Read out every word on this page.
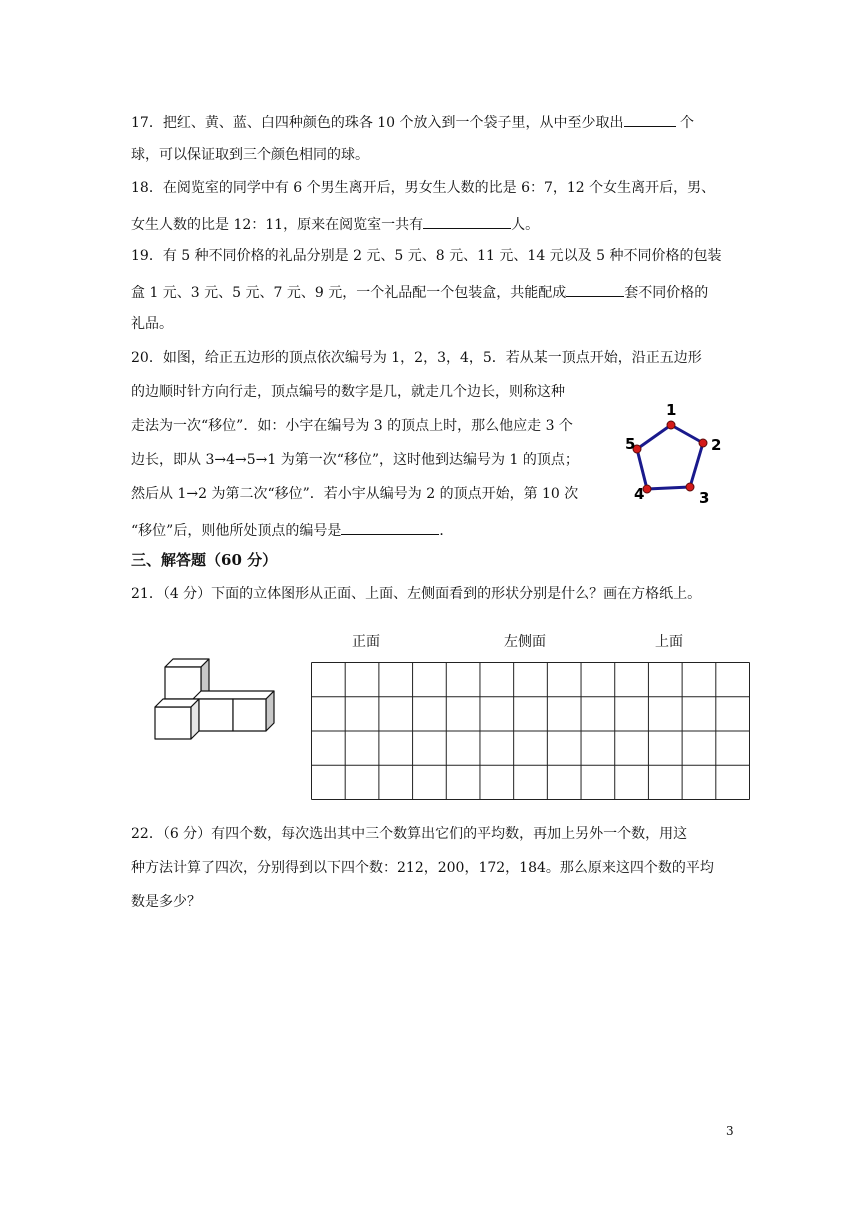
17．把红、黄、蓝、白四种颜色的珠各 10 个放入到一个袋子里，从中至少取出	个
球，可以保证取到三个颜色相同的球。
18．在阅览室的同学中有 6 个男生离开后，男女生人数的比是 6：7，12 个女生离开后，男、
女生人数的比是 12：11，原来在阅览室一共有	人。
19．有 5 种不同价格的礼品分别是 2 元、5 元、8 元、11 元、14 元以及 5 种不同价格的包装
盒 1 元、3 元、5 元、7 元、9 元，一个礼品配一个包装盒，共能配成	套不同价格的
礼品。
20．如图，给正五边形的顶点依次编号为 1，2，3，4，5．若从某一顶点开始，沿正五边形
的边顺时针方向行走，顶点编号的数字是几，就走几个边长，则称这种
走法为一次“移位”．如：小宇在编号为 3 的顶点上时，那么他应走 3 个
边长，即从 3→4→5→1 为第一次“移位”，这时他到达编号为 1 的顶点；
然后从 1→2 为第二次“移位”．若小宇从编号为 2 的顶点开始，第 10 次
“移位”后，则他所处顶点的编号是	．
1
2
3
4
5
三、解答题（60 分）
21．（4 分）下面的立体图形从正面、上面、左侧面看到的形状分别是什么？画在方格纸上。
正面	左侧面	上面
22．（6 分）有四个数，每次选出其中三个数算出它们的平均数，再加上另外一个数，用这
种方法计算了四次，分别得到以下四个数：212，200，172，184。那么原来这四个数的平均
数是多少？
3
